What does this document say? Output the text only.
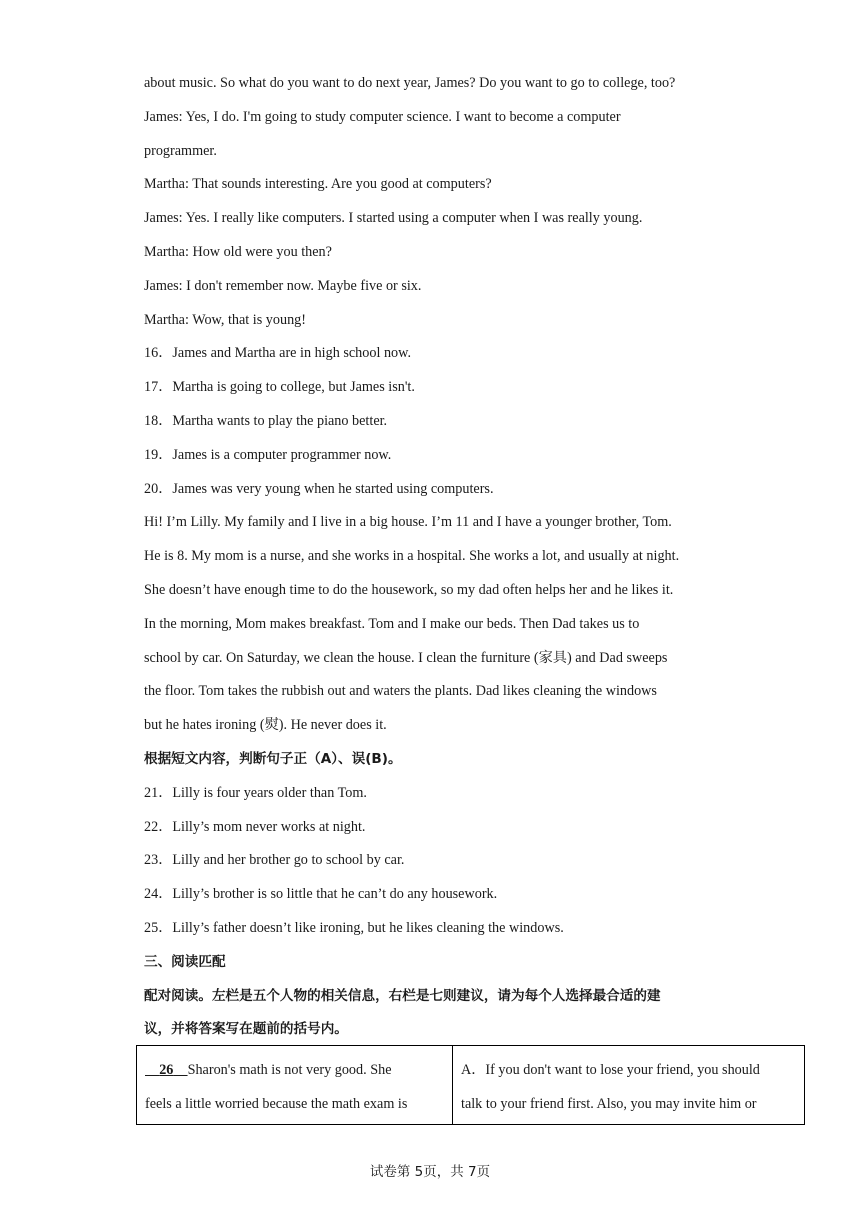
about music. So what do you want to do next year, James? Do you want to go to college, too?
James: Yes, I do. I'm going to study computer science. I want to become a computer
programmer.
Martha: That sounds interesting. Are you good at computers?
James: Yes. I really like computers. I started using a computer when I was really young.
Martha: How old were you then?
James: I don't remember now. Maybe five or six.
Martha: Wow, that is young!
16．James and Martha are in high school now.
17．Martha is going to college, but James isn't.
18．Martha wants to play the piano better.
19．James is a computer programmer now.
20．James was very young when he started using computers.
Hi! I’m Lilly. My family and I live in a big house. I’m 11 and I have a younger brother, Tom.
He is 8. My mom is a nurse, and she works in a hospital. She works a lot, and usually at night.
She doesn’t have enough time to do the housework, so my dad often helps her and he likes it.
In the morning, Mom makes breakfast. Tom and I make our beds. Then Dad takes us to
school by car. On Saturday, we clean the house. I clean the furniture (家具) and Dad sweeps
the floor. Tom takes the rubbish out and waters the plants. Dad likes cleaning the windows
but he hates ironing (熨). He never does it.
根据短文内容，判断句子正（A）、误(B)。
21．Lilly is four years older than Tom.
22．Lilly’s mom never works at night.
23．Lilly and her brother go to school by car.
24．Lilly’s brother is so little that he can’t do any housework.
25．Lilly’s father doesn’t like ironing, but he likes cleaning the windows.
三、阅读匹配
配对阅读。左栏是五个人物的相关信息，右栏是七则建议，请为每个人选择最合适的建
议，并将答案写在题前的括号内。
26 Sharon's math is not very good. She
feels a little worried because the math exam is

A．If you don't want to lose your friend, you should
talk to your friend first. Also, you may invite him or
试卷第 5页，共 7页
